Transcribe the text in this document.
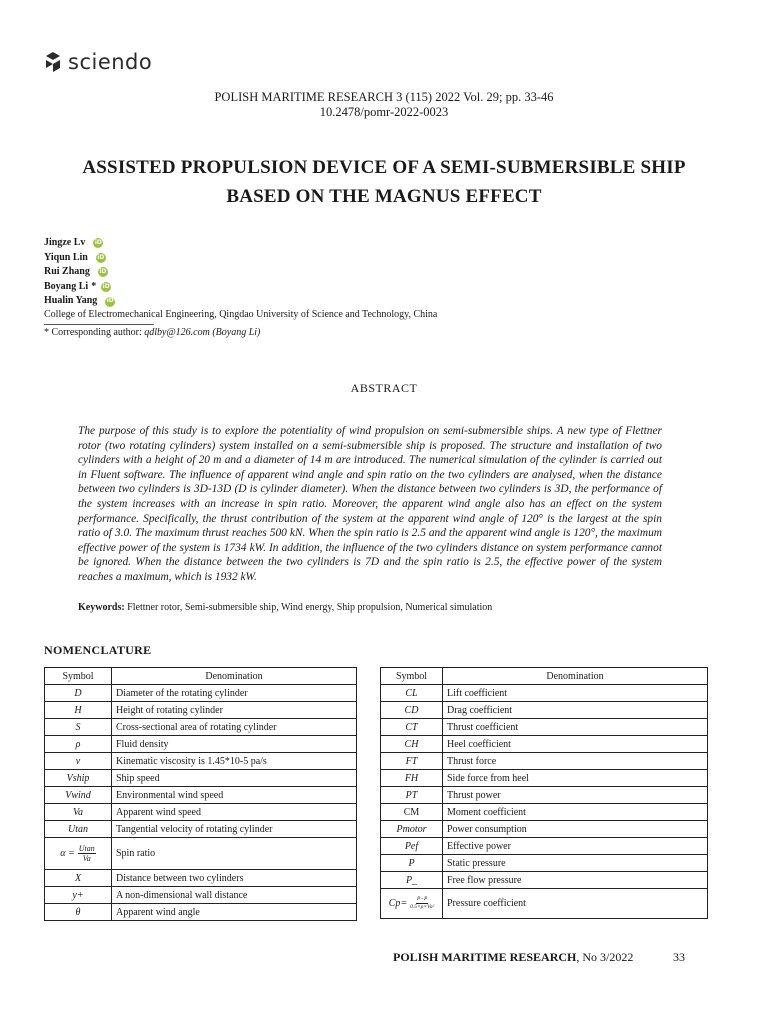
sciendo
POLISH MARITIME RESEARCH 3 (115) 2022 Vol. 29; pp. 33-46
10.2478/pomr-2022-0023
ASSISTED PROPULSION DEVICE OF A SEMI-SUBMERSIBLE SHIP
BASED ON THE MAGNUS EFFECT
Jingze Lv iD
Yiqun Lin iD
Rui Zhang iD
Boyang Li * iD
Hualin Yang iD
College of Electromechanical Engineering, Qingdao University of Science and Technology, China
* Corresponding author: qdlby@126.com (Boyang Li)
ABSTRACT
The purpose of this study is to explore the potentiality of wind propulsion on semi-submersible ships. A new type of Flettner rotor (two rotating cylinders) system installed on a semi-submersible ship is proposed. The structure and installation of two cylinders with a height of 20 m and a diameter of 14 m are introduced. The numerical simulation of the cylinder is carried out in Fluent software. The influence of apparent wind angle and spin ratio on the two cylinders are analysed, when the distance between two cylinders is 3D-13D (D is cylinder diameter). When the distance between two cylinders is 3D, the performance of the system increases with an increase in spin ratio. Moreover, the apparent wind angle also has an effect on the system performance. Specifically, the thrust contribution of the system at the apparent wind angle of 120° is the largest at the spin ratio of 3.0. The maximum thrust reaches 500 kN. When the spin ratio is 2.5 and the apparent wind angle is 120°, the maximum effective power of the system is 1734 kW. In addition, the influence of the two cylinders distance on system performance cannot be ignored. When the distance between the two cylinders is 7D and the spin ratio is 2.5, the effective power of the system reaches a maximum, which is 1932 kW.
Keywords: Flettner rotor, Semi-submersible ship, Wind energy, Ship propulsion, Numerical simulation
NOMENCLATURE
Symbol	Denomination
D	Diameter of the rotating cylinder
H	Height of rotating cylinder
S	Cross-sectional area of rotating cylinder
ρ	Fluid density
ν	Kinematic viscosity is 1.45*10-5 pa/s
Vship	Ship speed
Vwind	Environmental wind speed
Va	Apparent wind speed
Utan	Tangential velocity of rotating cylinder

$\alpha = \frac{Utan}{Va}$	Spin ratio
X	Distance between two cylinders
y+	A non-dimensional wall distance
θ	Apparent wind angle
Symbol	Denomination
CL	Lift coefficient
CD	Drag coefficient
CT	Thrust coefficient
CH	Heel coefficient
FT	Thrust force
FH	Side force from heel
PT	Thrust power
CM	Moment coefficient
Pmotor	Power consumption
Pef	Effective power
P	Static pressure
P_	Free flow pressure

$Cp= \frac{P-P}{\text{0.5×ρ×Va²}}$	Pressure coefficient
POLISH MARITIME RESEARCH, No 3/2022	33
